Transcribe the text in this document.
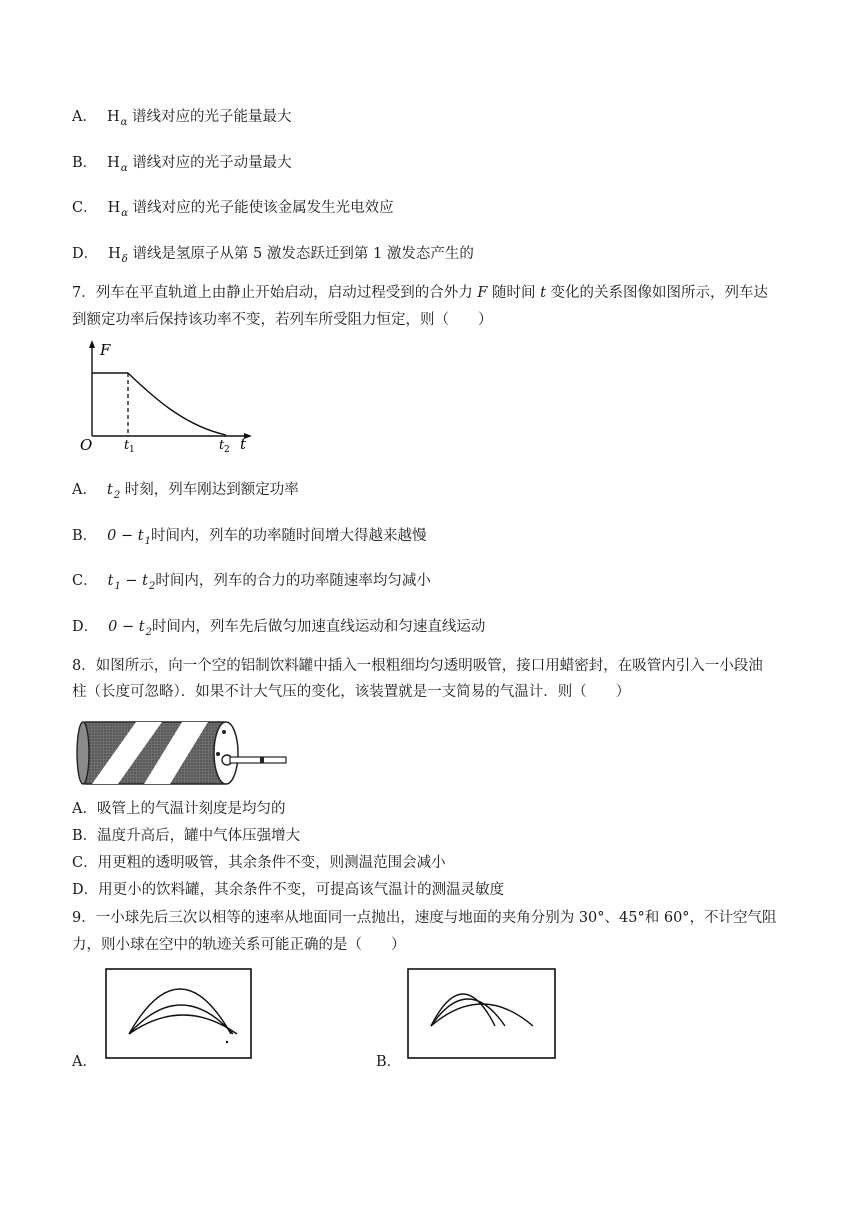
A． $H_\alpha$ 谱线对应的光子能量最大
B． $H_\alpha$ 谱线对应的光子动量最大
C． $H_\alpha$ 谱线对应的光子能使该金属发生光电效应
D． $H_\delta$ 谱线是氢原子从第 5 激发态跃迁到第 1 激发态产生的
7．列车在平直轨道上由静止开始启动，启动过程受到的合外力 F 随时间 t 变化的关系图像如图所示，列车达
到额定功率后保持该功率不变，若列车所受阻力恒定，则（　　）
F
t
O t 1	t 2
A． $t_2$ 时刻，列车刚达到额定功率
B． $0 - t_1$时间内，列车的功率随时间增大得越来越慢
C． $t_1 - t_2$时间内，列车的合力的功率随速率均匀减小
D． $0 - t_2$时间内，列车先后做匀加速直线运动和匀速直线运动
8．如图所示，向一个空的铝制饮料罐中插入一根粗细均匀透明吸管，接口用蜡密封，在吸管内引入一小段油
柱（长度可忽略）．如果不计大气压的变化，该装置就是一支简易的气温计．则（　　）
A．吸管上的气温计刻度是均匀的
B．温度升高后，罐中气体压强增大
C．用更粗的透明吸管，其余条件不变，则测温范围会减小
D．用更小的饮料罐，其余条件不变，可提高该气温计的测温灵敏度
9．一小球先后三次以相等的速率从地面同一点抛出，速度与地面的夹角分别为 30°、45°和 60°，不计空气阻
力，则小球在空中的轨迹关系可能正确的是（　　）
A．	B．
